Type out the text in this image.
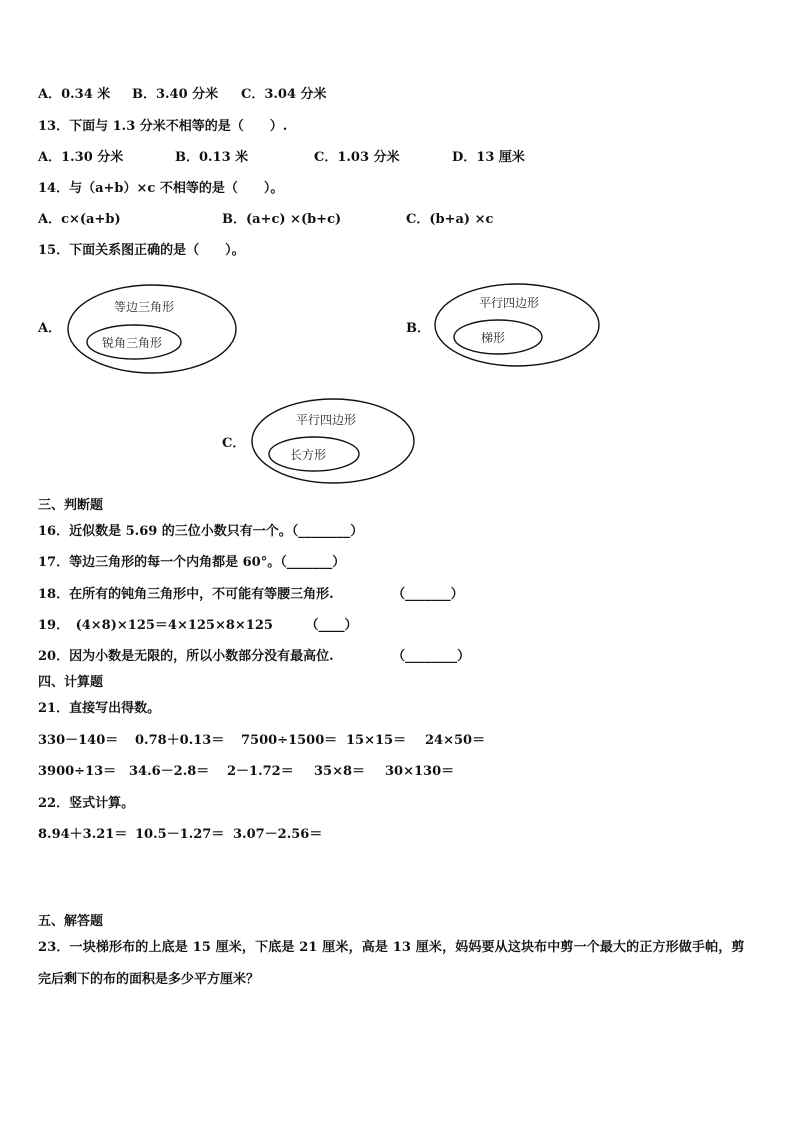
A．0.34 米 B．3.40 分米 C．3.04 分米
13．下面与 1.3 分米不相等的是（　　）.
A．1.30 分米	B．0.13 米	C．1.03 分米	D．13 厘米
14．与（a+b）×c 不相等的是（　　）。
A．c×(a+b)	B．(a+c) ×(b+c)	C．(b+a) ×c
15．下面关系图正确的是（　　）。
A．
等边三角形
锐角三角形
B．
平行四边形
梯形
C．
平行四边形
长方形
三、判断题
16．近似数是 5.69 的三位小数只有一个。（________）
17．等边三角形的每一个内角都是 60°。（_______）
18．在所有的钝角三角形中，不可能有等腰三角形.　　　　　（_______）
19．　(4×8)×125＝4×125×8×125　　　（____）
20．因为小数是无限的，所以小数部分没有最高位.　　　　　（________）
四、计算题
21．直接写出得数。
330－140＝ 0.78＋0.13＝ 7500÷1500＝ 15×15＝ 24×50＝
3900÷13＝ 34.6－2.8＝ 2－1.72＝ 35×8＝ 30×130＝
22．竖式计算。
8.94＋3.21＝ 10.5－1.27＝ 3.07－2.56＝
五、解答题
23．一块梯形布的上底是 15 厘米，下底是 21 厘米，高是 13 厘米，妈妈要从这块布中剪一个最大的正方形做手帕，剪
完后剩下的布的面积是多少平方厘米？
